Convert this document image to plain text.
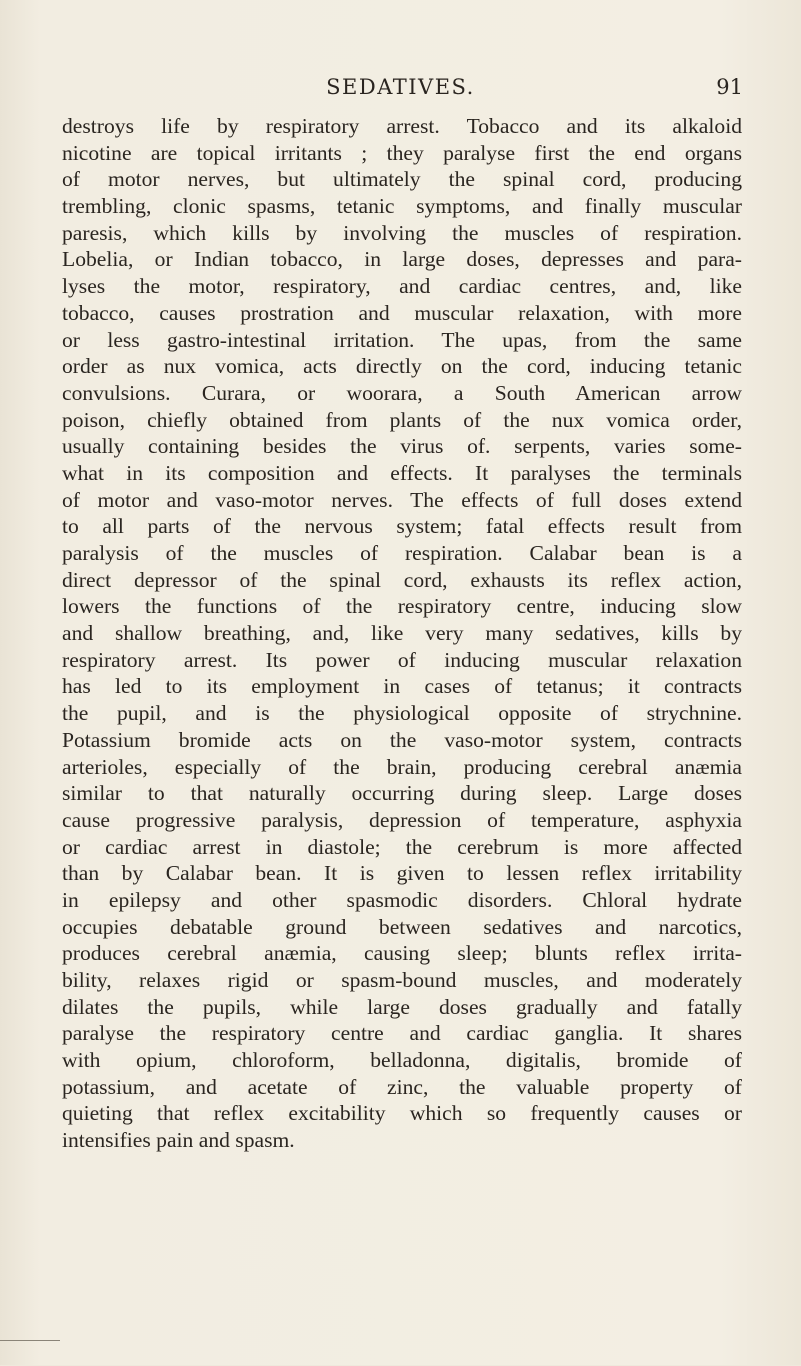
SEDATIVES.	91
destroys life by respiratory arrest. Tobacco and its alkaloid
nicotine are topical irritants ; they paralyse first the end organs
of motor nerves, but ultimately the spinal cord, producing
trembling, clonic spasms, tetanic symptoms, and finally muscular
paresis, which kills by involving the muscles of respiration.
Lobelia, or Indian tobacco, in large doses, depresses and para-
lyses the motor, respiratory, and cardiac centres, and, like
tobacco, causes prostration and muscular relaxation, with more
or less gastro-intestinal irritation. The upas, from the same
order as nux vomica, acts directly on the cord, inducing tetanic
convulsions. Curara, or woorara, a South American arrow
poison, chiefly obtained from plants of the nux vomica order,
usually containing besides the virus of. serpents, varies some-
what in its composition and effects. It paralyses the terminals
of motor and vaso-motor nerves. The effects of full doses extend
to all parts of the nervous system; fatal effects result from
paralysis of the muscles of respiration. Calabar bean is a
direct depressor of the spinal cord, exhausts its reflex action,
lowers the functions of the respiratory centre, inducing slow
and shallow breathing, and, like very many sedatives, kills by
respiratory arrest. Its power of inducing muscular relaxation
has led to its employment in cases of tetanus; it contracts
the pupil, and is the physiological opposite of strychnine.
Potassium bromide acts on the vaso-motor system, contracts
arterioles, especially of the brain, producing cerebral anæmia
similar to that naturally occurring during sleep. Large doses
cause progressive paralysis, depression of temperature, asphyxia
or cardiac arrest in diastole; the cerebrum is more affected
than by Calabar bean. It is given to lessen reflex irritability
in epilepsy and other spasmodic disorders. Chloral hydrate
occupies debatable ground between sedatives and narcotics,
produces cerebral anæmia, causing sleep; blunts reflex irrita-
bility, relaxes rigid or spasm-bound muscles, and moderately
dilates the pupils, while large doses gradually and fatally
paralyse the respiratory centre and cardiac ganglia. It shares
with opium, chloroform, belladonna, digitalis, bromide of
potassium, and acetate of zinc, the valuable property of
quieting that reflex excitability which so frequently causes or
intensifies pain and spasm.
